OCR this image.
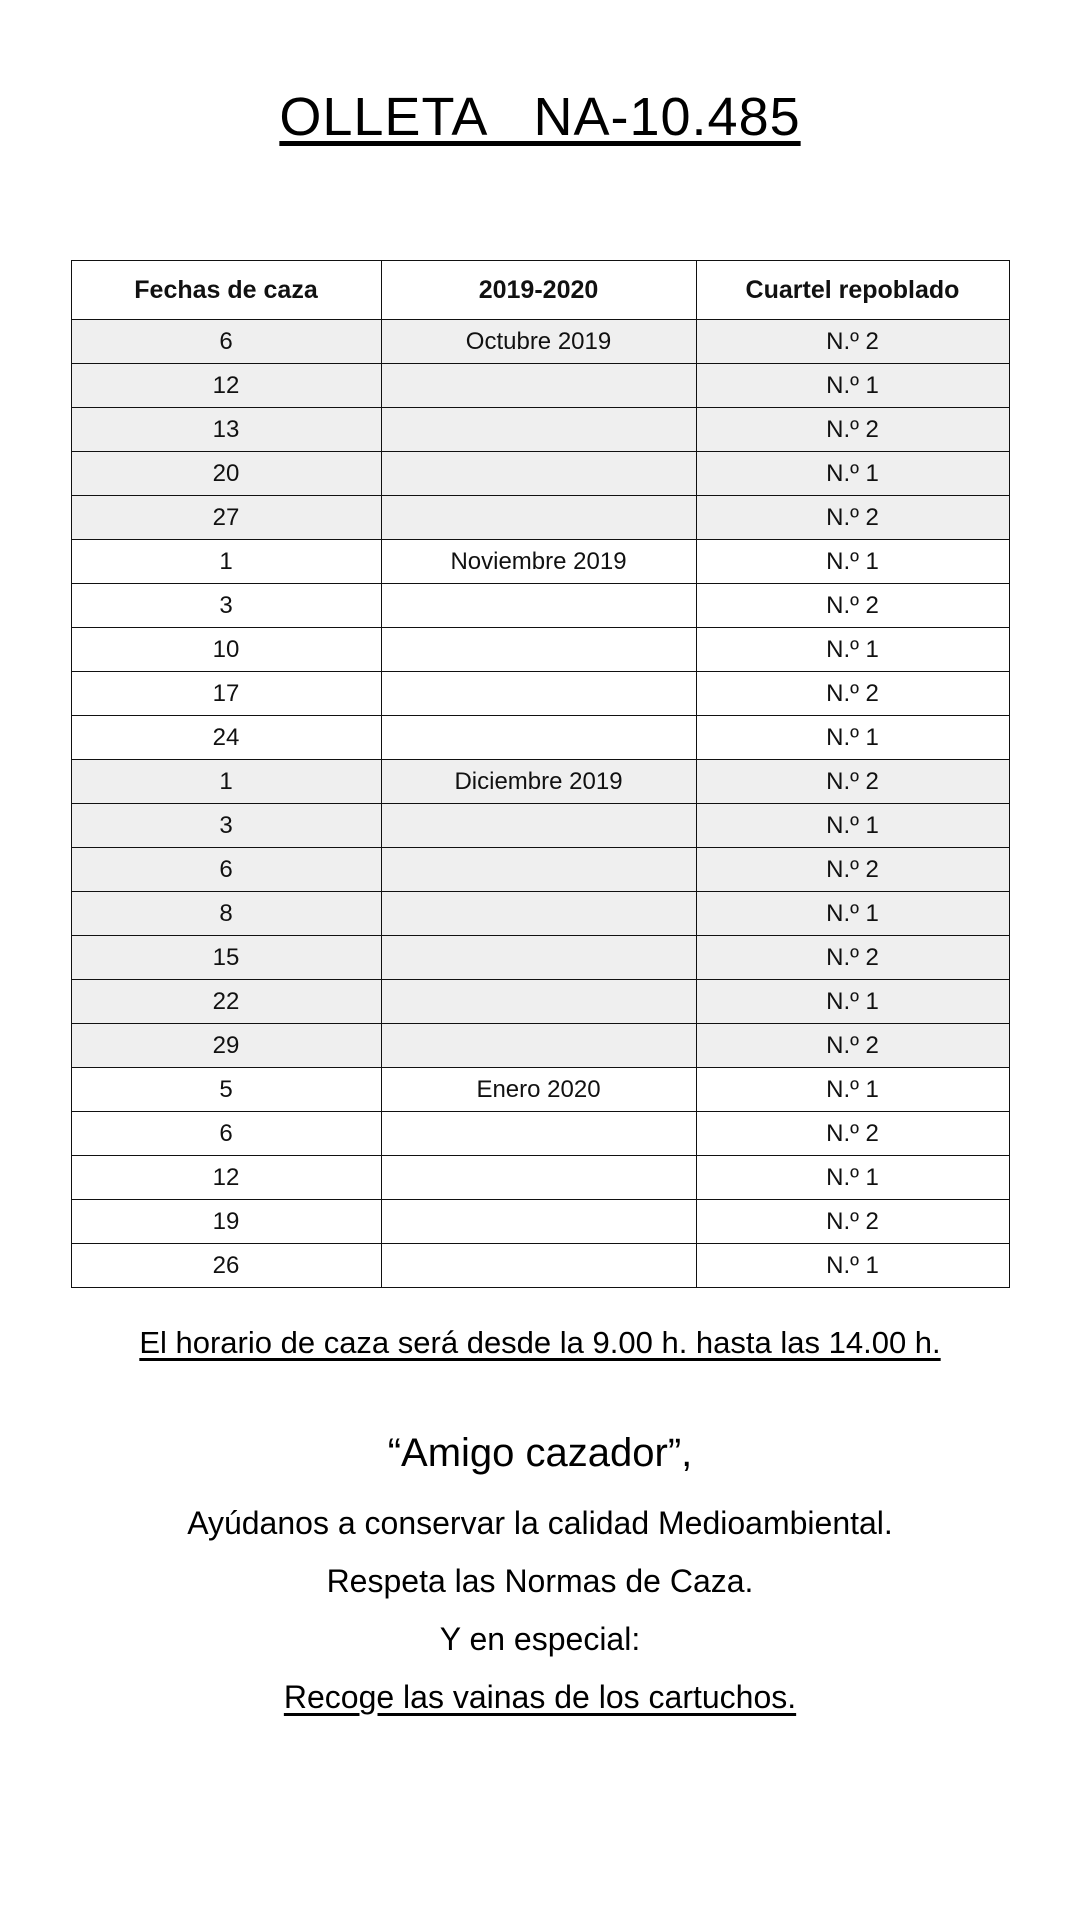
OLLETA   NA-10.485
Fechas de caza	2019-2020	Cuartel repoblado
6	Octubre 2019	N.º 2
12		N.º 1
13		N.º 2
20		N.º 1
27		N.º 2
1	Noviembre 2019	N.º 1
3		N.º 2
10		N.º 1
17		N.º 2
24		N.º 1
1	Diciembre 2019	N.º 2
3		N.º 1
6		N.º 2
8		N.º 1
15		N.º 2
22		N.º 1
29		N.º 2
5	Enero 2020	N.º 1
6		N.º 2
12		N.º 1
19		N.º 2
26		N.º 1
El horario de caza será desde la 9.00 h. hasta las 14.00 h.

“Amigo cazador”,

Ayúdanos a conservar la calidad Medioambiental.

Respeta las Normas de Caza.

Y en especial:

Recoge las vainas de los cartuchos.
